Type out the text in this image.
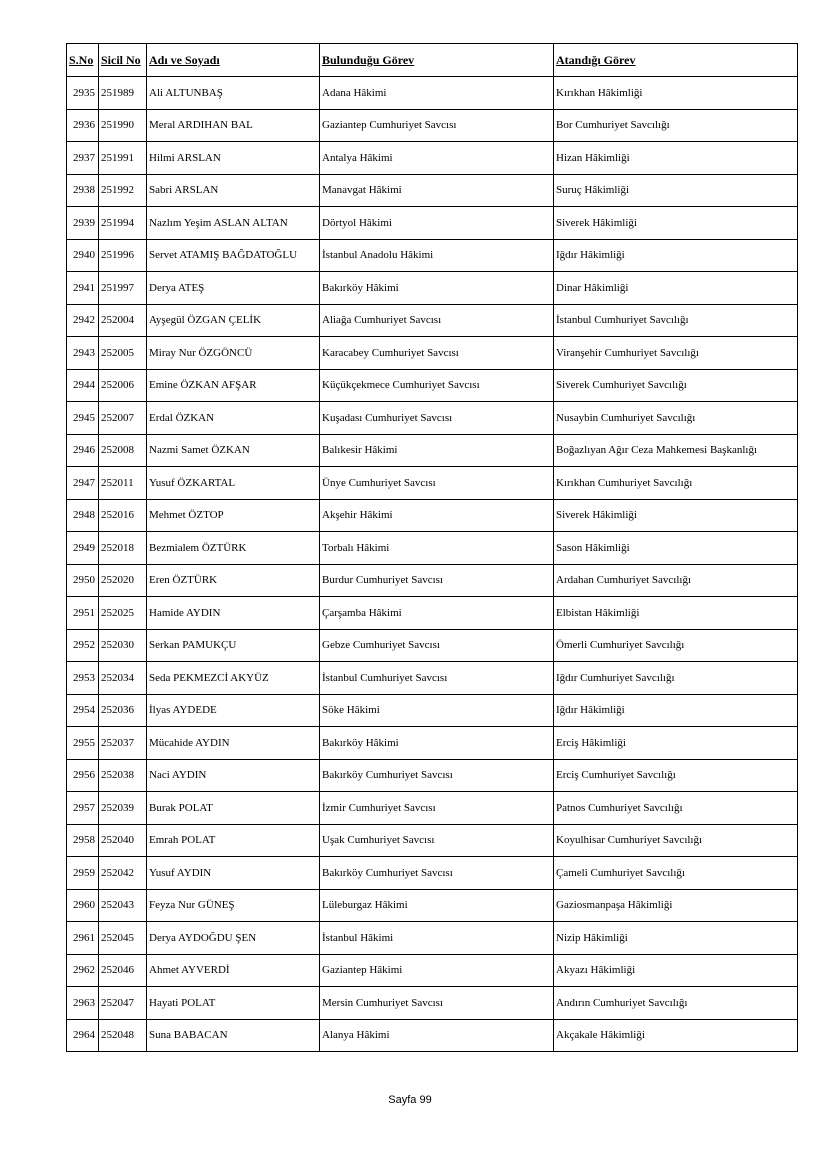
S.No	Sicil No	Adı ve Soyadı	Bulunduğu Görev	Atandığı Görev
2935	251989	Ali ALTUNBAŞ	Adana Hâkimi	Kırıkhan Hâkimliği
2936	251990	Meral ARDIHAN BAL	Gaziantep Cumhuriyet Savcısı	Bor Cumhuriyet Savcılığı
2937	251991	Hilmi ARSLAN	Antalya Hâkimi	Hizan Hâkimliği
2938	251992	Sabri ARSLAN	Manavgat Hâkimi	Suruç Hâkimliği
2939	251994	Nazlım Yeşim ASLAN ALTAN	Dörtyol Hâkimi	Siverek Hâkimliği
2940	251996	Servet ATAMIŞ BAĞDATOĞLU	İstanbul Anadolu Hâkimi	Iğdır Hâkimliği
2941	251997	Derya ATEŞ	Bakırköy Hâkimi	Dinar Hâkimliği
2942	252004	Ayşegül ÖZGAN ÇELİK	Aliağa Cumhuriyet Savcısı	İstanbul Cumhuriyet Savcılığı
2943	252005	Miray Nur ÖZGÖNCÜ	Karacabey Cumhuriyet Savcısı	Viranşehir Cumhuriyet Savcılığı
2944	252006	Emine ÖZKAN AFŞAR	Küçükçekmece Cumhuriyet Savcısı	Siverek Cumhuriyet Savcılığı
2945	252007	Erdal ÖZKAN	Kuşadası Cumhuriyet Savcısı	Nusaybin Cumhuriyet Savcılığı
2946	252008	Nazmi Samet ÖZKAN	Balıkesir Hâkimi	Boğazlıyan Ağır Ceza Mahkemesi Başkanlığı
2947	252011	Yusuf ÖZKARTAL	Ünye Cumhuriyet Savcısı	Kırıkhan Cumhuriyet Savcılığı
2948	252016	Mehmet ÖZTOP	Akşehir Hâkimi	Siverek Hâkimliği
2949	252018	Bezmialem ÖZTÜRK	Torbalı Hâkimi	Sason Hâkimliği
2950	252020	Eren ÖZTÜRK	Burdur Cumhuriyet Savcısı	Ardahan Cumhuriyet Savcılığı
2951	252025	Hamide AYDIN	Çarşamba Hâkimi	Elbistan Hâkimliği
2952	252030	Serkan PAMUKÇU	Gebze Cumhuriyet Savcısı	Ömerli Cumhuriyet Savcılığı
2953	252034	Seda PEKMEZCİ AKYÜZ	İstanbul Cumhuriyet Savcısı	Iğdır Cumhuriyet Savcılığı
2954	252036	İlyas AYDEDE	Söke Hâkimi	Iğdır Hâkimliği
2955	252037	Mücahide AYDIN	Bakırköy Hâkimi	Erciş Hâkimliği
2956	252038	Naci AYDIN	Bakırköy Cumhuriyet Savcısı	Erciş Cumhuriyet Savcılığı
2957	252039	Burak POLAT	İzmir Cumhuriyet Savcısı	Patnos Cumhuriyet Savcılığı
2958	252040	Emrah POLAT	Uşak Cumhuriyet Savcısı	Koyulhisar Cumhuriyet Savcılığı
2959	252042	Yusuf AYDIN	Bakırköy Cumhuriyet Savcısı	Çameli Cumhuriyet Savcılığı
2960	252043	Feyza Nur GÜNEŞ	Lüleburgaz Hâkimi	Gaziosmanpaşa Hâkimliği
2961	252045	Derya AYDOĞDU ŞEN	İstanbul Hâkimi	Nizip Hâkimliği
2962	252046	Ahmet AYVERDİ	Gaziantep Hâkimi	Akyazı Hâkimliği
2963	252047	Hayati POLAT	Mersin Cumhuriyet Savcısı	Andırın Cumhuriyet Savcılığı
2964	252048	Suna BABACAN	Alanya Hâkimi	Akçakale Hâkimliği
Sayfa 99
